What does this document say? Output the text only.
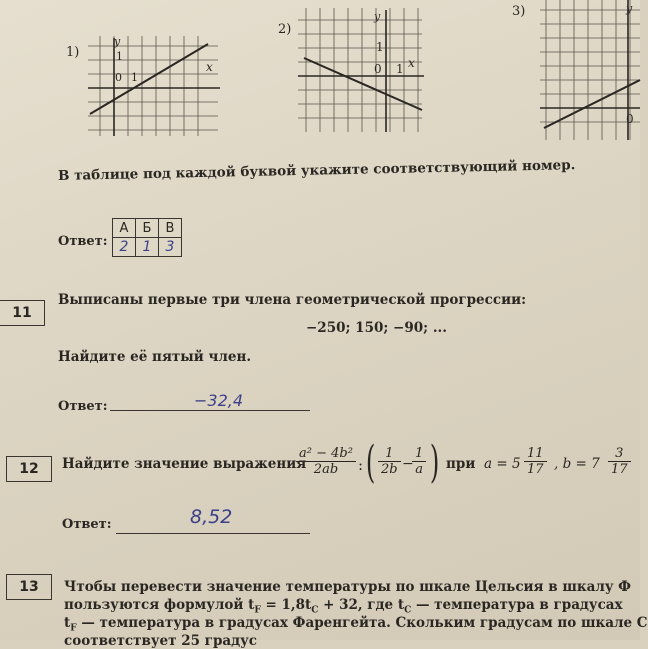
1)
y
x
1
0 1
2)
y
1
0 1 x
3)	y
0
В таблице под каждой буквой укажите соответствующий номер.
Ответ:
А	Б	В
2	1	3
11
Выписаны первые три члена геометрической прогрессии:
−250; 150; −90; ...
Найдите её пятый член.
Ответ:	−32,4
12 Найдите значение выражения
$\frac{\text{a² − 4b²}}{2ab}$ : ( $\frac{1}{2b}$ −
$\frac{1}{a}$ ) при $a = 5 \frac{11}{17}$ , $b = 7 \frac{3}{17}$
Ответ:	8,52
13 Чтобы перевести значение температуры по шкале Цельсия в шкалу Ф
пользуются формулой $t_F = 1,8t_C + 32$, где $t_C$ — температура в градусах
$t_F$ — температура в градусах Фаренгейта. Скольким градусам по шкале С
соответствует 25 градус
